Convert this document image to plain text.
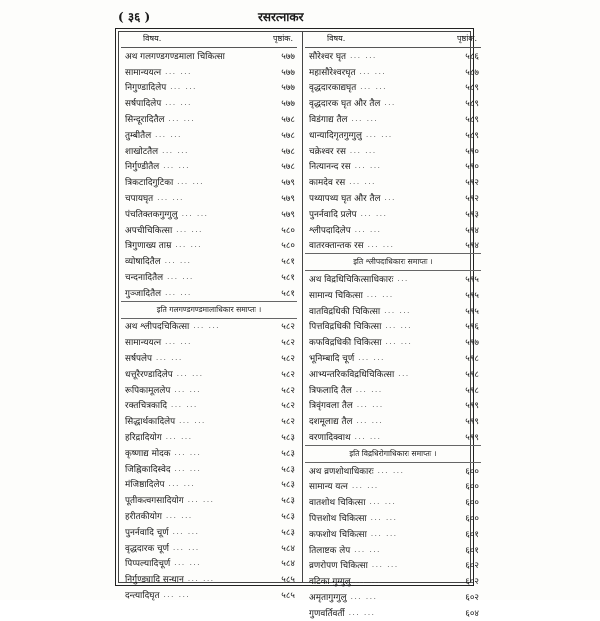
( ३६ )	रसरत्नाकर
विषय.	पृष्ठांक.
अथ गलगण्डगण्डमाला चिकित्सा	५७७
सामान्ययत्न ... ...	५७७
निगुण्डादिलेप ... ...	५७७
सर्षपादिलेप ... ...	५७७
सिन्दूरादितैल ... ...	५७८
तुम्बीतैल ... ...	५७८
शाखोटतैल ... ...	५७८
निर्गुण्डीतैल ... ...	५७८
त्रिकटादिगुटिका ... ...	५७९
चपायघृत ... ...	५७९
पंचतिक्तकगुग्गुलु ... ...	५७९
अपचीचिकित्सा ... ...	५८०
त्रिगुणाख्य ताम्र ... ...	५८०
व्योषादितैल ... ...	५८१
चन्दनादितैल ... ...	५८१
गुञ्जादितैल ... ...	५८१
इति गलगण्डगण्डमालाधिकार समाप्तः ।
अथ श्लीपदचिकित्सा ... ...	५८२
सामान्ययत्न ... ...	५८२
सर्षपलेप ... ...	५८२
धत्तूरैरण्डादिलेप ... ...	५८२
रूपिकामूललेप ... ...	५८२
रक्तचित्रकादि ... ...	५८२
सिद्धार्थकादिलेप ... ...	५८२
हरिद्रादियोग ... ...	५८३
कृष्णाद्य मोदक ... ...	५८३
जिह्निकादिस्वेद ... ...	५८३
मंजिष्ठादिलेप ... ...	५८३
पूतीकत्वगसादियोग ... ...	५८३
हरीतकीयोग ... ...	५८३
पुनर्नवादि चूर्ण ... ...	५८३
वृद्धदारक चूर्ण ... ...	५८४
पिप्पल्यादिचूर्ण ... ...	५८४
निर्गुण्ड्यादि सन्धान ... ...	५८५
दन्त्यादिघृत ... ...	५८५
विषय.	पृष्ठांक.
सौरेश्वर घृत ... ...	५८६
महासौरेश्वरघृत ... ...	५८७
वृद्धदारकाद्यघृत ... ...	५८९
वृद्धदारक घृत और तैल ...	५८९
विडंगाद्य तैल ... ...	५८९
धान्यादिगृतगुग्गुलु ... ...	५८९
चक्रेश्वर रस ... ...	५९०
नित्यानन्द रस ... ...	५९०
कामदेव रस ... ...	५९२
पथ्यापथ्य घृत और तैल ...	५९२
पुनर्नवादि प्रलेप ... ...	५९३
श्लीपदादिलेप ... ...	५९४
वातरक्तान्तक रस ... ...	५९४
इति श्लीपदाधिकारः समाप्तः ।
अथ विद्रधिचिकित्साधिकारः ...	५९५
सामान्य चिकित्सा ... ...	५९५
वातविद्रधिकी चिकित्सा ... ...	५९५
पित्तविद्रधिकी चिकित्सा ... ...	५९६
कफविद्रधिकी चिकित्सा ... ...	५९७
भूनिम्बादि चूर्ण ... ...	५९८
आभ्यन्तरिकविद्रधिचिकित्सा ...	५९८
त्रिफलादि तैल ... ...	५९८
त्रिवृंगवला तैल ... ...	५९९
दशमूलाद्य तैल ... ...	५९९
वरणादिक्वाथ ... ...	५९९
इति विद्रधिरोगाधिकारः समाप्तः ।
अथ व्रणशोथाधिकारः ... ...	६००
सामान्य यत्न ... ...	६००
वातशोथ चिकित्सा ... ...	६००
पित्तशोथ चिकित्सा ... ...	६००
कफशोथ चिकित्सा ... ...	६०१
तिलाष्टक लेप ... ...	६०१
व्रणरोपण चिकित्सा ... ...	६०२
वटिका गुग्गुलु ... ...	६०२
अमृतागुग्गुलु ... ...	६०२
गुणवर्तिवर्ती ... ...	६०४
